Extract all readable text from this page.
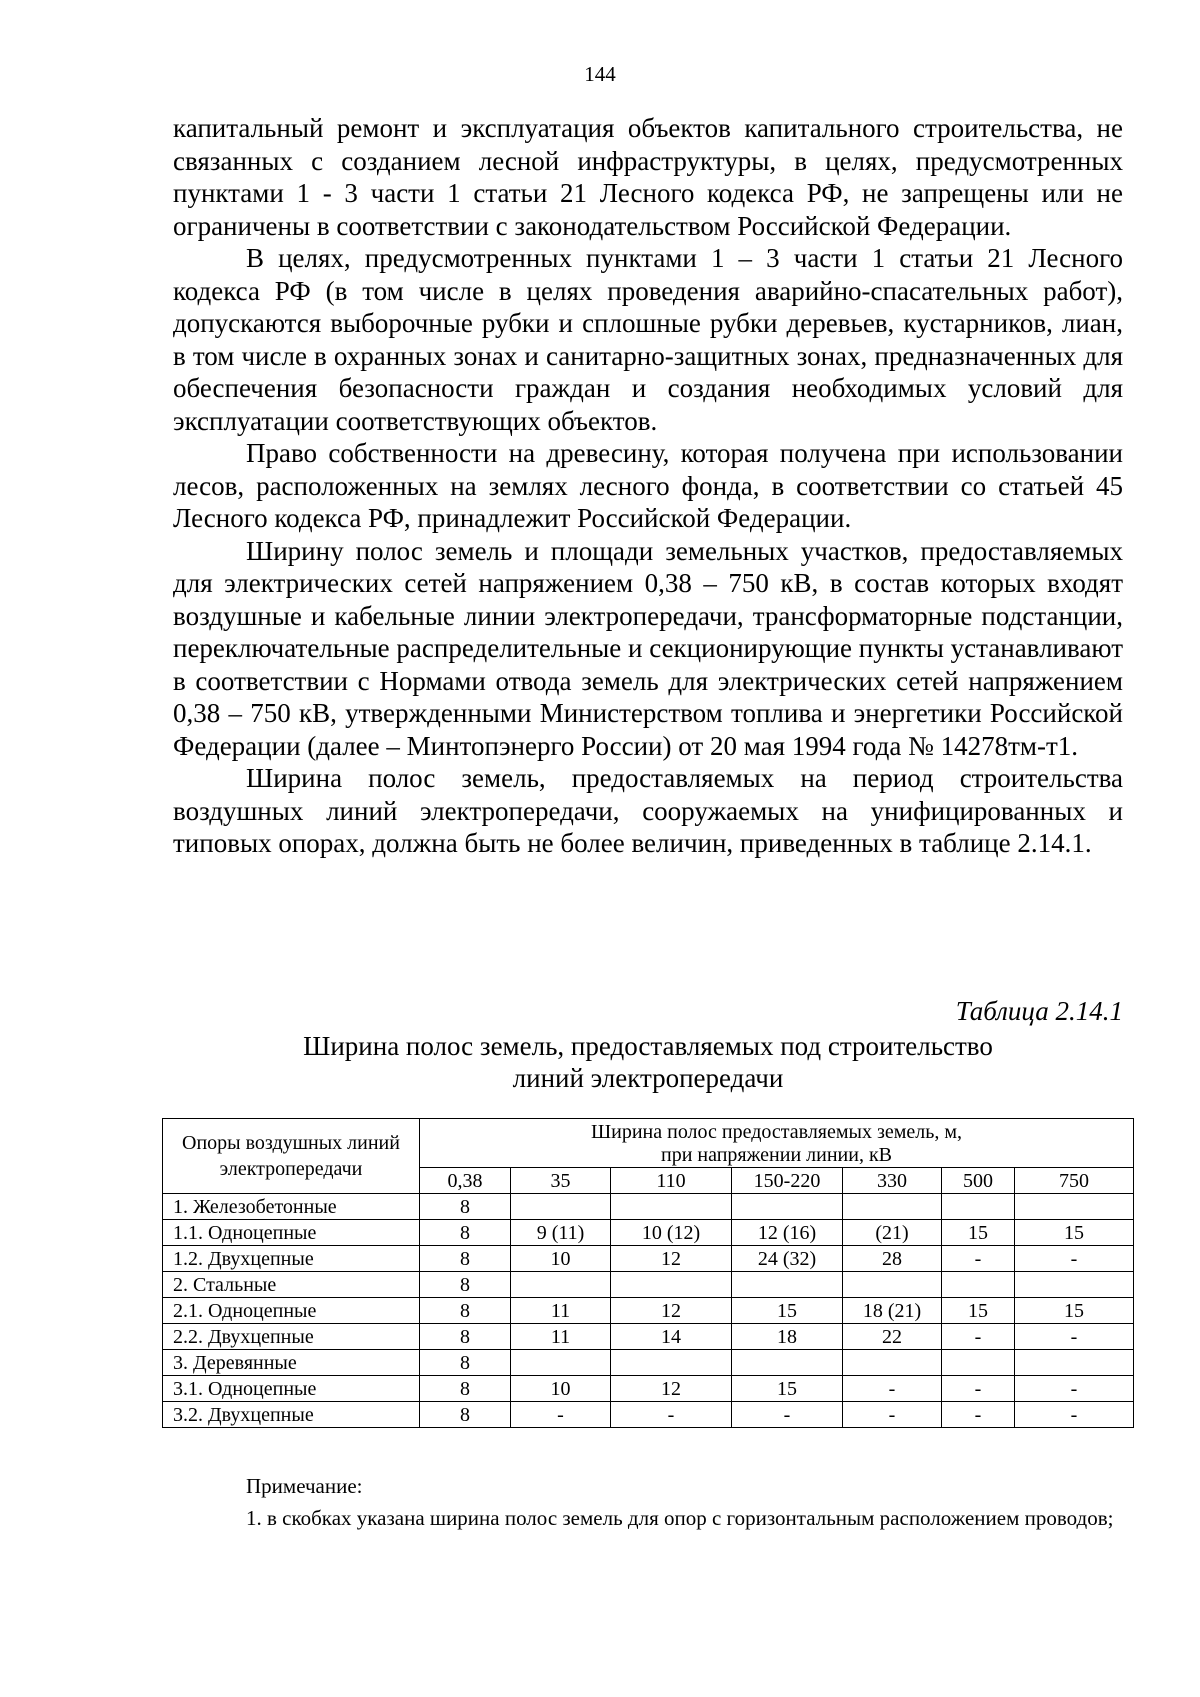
144

капитальный ремонт и эксплуатация объектов капитального строительства, не связанных с созданием лесной инфраструктуры, в целях, предусмотренных пунктами 1 - 3 части 1 статьи 21 Лесного кодекса РФ, не запрещены или не ограничены в соответствии с законодательством Российской Федерации.

В целях, предусмотренных пунктами 1 – 3 части 1 статьи 21 Лесного кодекса РФ (в том числе в целях проведения аварийно-спасательных работ), допускаются выборочные рубки и сплошные рубки деревьев, кустарников, лиан, в том числе в охранных зонах и санитарно-защитных зонах, предназначенных для обеспечения безопасности граждан и создания необходимых условий для эксплуатации соответствующих объектов.

Право собственности на древесину, которая получена при использовании лесов, расположенных на землях лесного фонда, в соответствии со статьей 45 Лесного кодекса РФ, принадлежит Российской Федерации.

Ширину полос земель и площади земельных участков, предоставляемых для электрических сетей напряжением 0,38 – 750 кВ, в состав которых входят воздушные и кабельные линии электропередачи, трансформаторные подстанции, переключательные распределительные и секционирующие пункты устанавливают в соответствии с Нормами отвода земель для электрических сетей напряжением 0,38 – 750 кВ, утвержденными Министерством топлива и энергетики Российской Федерации (далее – Минтопэнерго России) от 20 мая 1994 года № 14278тм-т1.

Ширина полос земель, предоставляемых на период строительства воздушных линий электропередачи, сооружаемых на унифицированных и типовых опорах, должна быть не более величин, приведенных в таблице 2.14.1.

Таблица 2.14.1
Ширина полос земель, предоставляемых под строительство
линий электропередачи
Опоры воздушных линий электропередачи	Ширина полос предоставляемых земель, м,
при напряжении линии, кВ						

	0,38	35	110	150-220	330	500	750
1. Железобетонные	8						
1.1. Одноцепные	8	9 (11)	10 (12)	12 (16)	(21)	15	15
1.2. Двухцепные	8	10	12	24 (32)	28	-	-
2. Стальные	8						
2.1. Одноцепные	8	11	12	15	18 (21)	15	15
2.2. Двухцепные	8	11	14	18	22	-	-
3. Деревянные	8						
3.1. Одноцепные	8	10	12	15	-	-	-
3.2. Двухцепные	8	-	-	-	-	-	-

Примечание:

1. в скобках указана ширина полос земель для опор с горизонтальным расположением проводов;
